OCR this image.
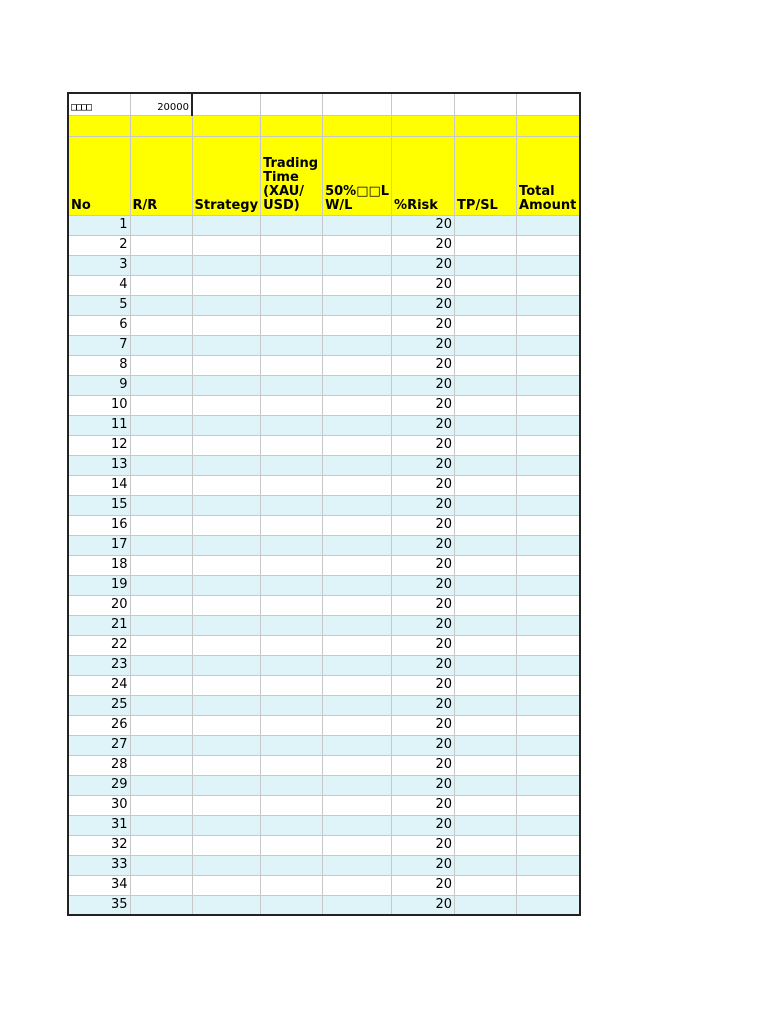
□□□□	20000						

No	R/R	Strategy	Trading Time (XAU/ USD)	50%□□L W/L	%Risk	TP/SL	Total Amount
1					20		
2					20		
3					20		
4					20		
5					20		
6					20		
7					20		
8					20		
9					20		
10					20		
11					20		
12					20		
13					20		
14					20		
15					20		
16					20		
17					20		
18					20		
19					20		
20					20		
21					20		
22					20		
23					20		
24					20		
25					20		
26					20		
27					20		
28					20		
29					20		
30					20		
31					20		
32					20		
33					20		
34					20		
35					20		
